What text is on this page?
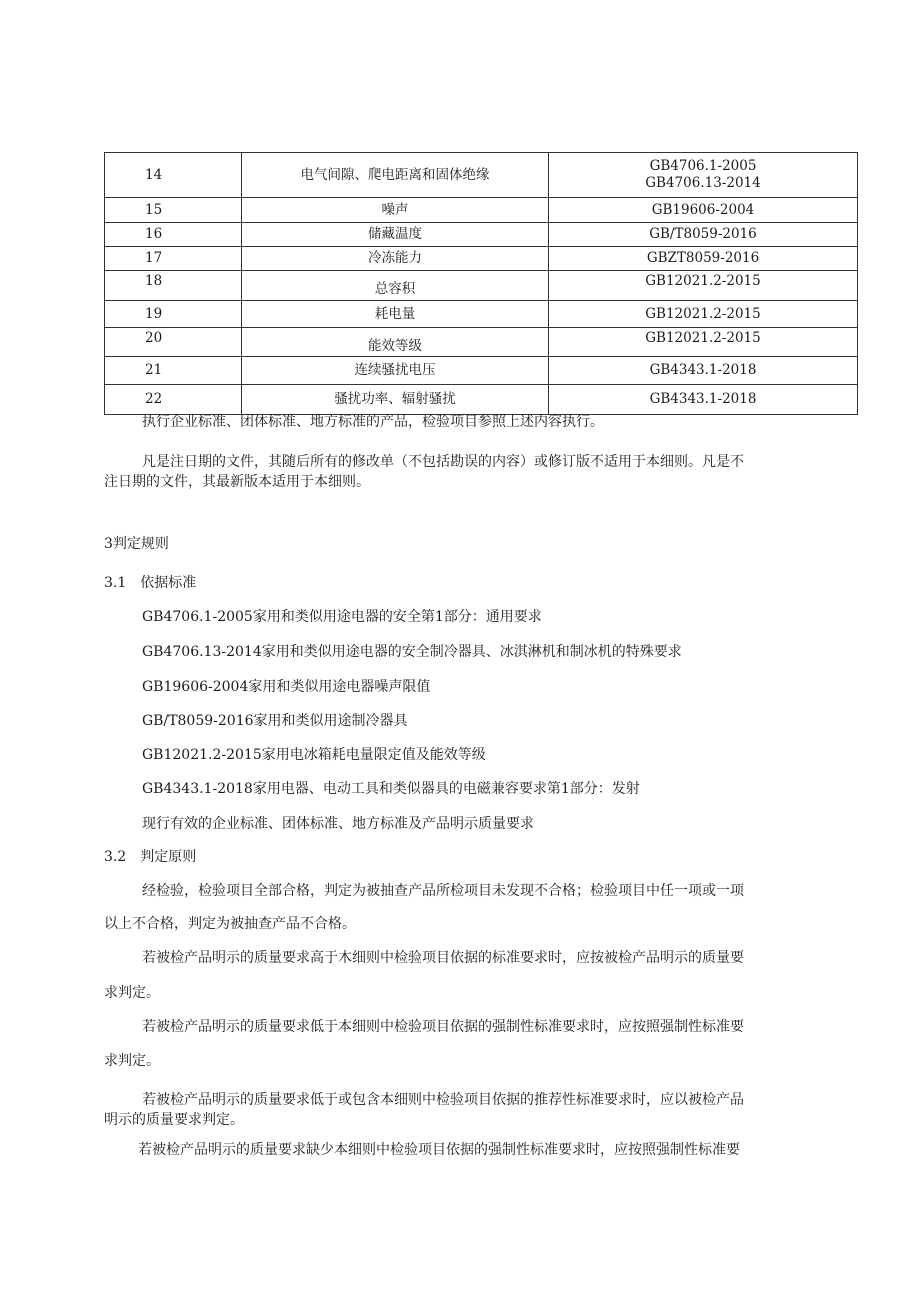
14	电气间隙、爬电距离和固体绝缘	GB4706.1-2005
GB4706.13-2014

15	噪声	GB19606-2004
16	储藏温度	GB/T8059-2016
17	冷冻能力	GBZT8059-2016
18	总容积	GB12021.2-2015
19	耗电量	GB12021.2-2015
20	能效等级	GB12021.2-2015
21	连续骚扰电压	GB4343.1-2018
22	骚扰功率、辐射骚扰	GB4343.1-2018
执行企业标准、团体标准、地方标准的产品，检验项目参照上述内容执行。
凡是注日期的文件，其随后所有的修改单（不包括勘误的内容）或修订版不适用于本细则。凡是不
注日期的文件，其最新版本适用于本细则。
3判定规则
3.1　依据标准
GB4706.1-2005家用和类似用途电器的安全第1部分：通用要求
GB4706.13-2014家用和类似用途电器的安全制冷器具、冰淇淋机和制冰机的特殊要求
GB19606-2004家用和类似用途电器噪声限值
GB/T8059-2016家用和类似用途制冷器具
GB12021.2-2015家用电冰箱耗电量限定值及能效等级
GB4343.1-2018家用电器、电动工具和类似器具的电磁兼容要求第1部分：发射
现行有效的企业标准、团体标准、地方标准及产品明示质量要求
3.2　判定原则
经检验，检验项目全部合格，判定为被抽查产品所检项目未发现不合格；检验项目中任一项或一项
以上不合格，判定为被抽查产品不合格。
若被检产品明示的质量要求高于木细则中检验项目依据的标准要求时，应按被检产品明示的质量要
求判定。
若被检产品明示的质量要求低于本细则中检验项目依据的强制性标准要求时，应按照强制性标准要
求判定。
若被检产品明示的质量要求低于或包含本细则中检验项目依据的推荐性标准要求时，应以被检产品
明示的质量要求判定。
若被检产品明示的质量要求缺少本细则中检验项目依据的强制性标准要求时，应按照强制性标准要
